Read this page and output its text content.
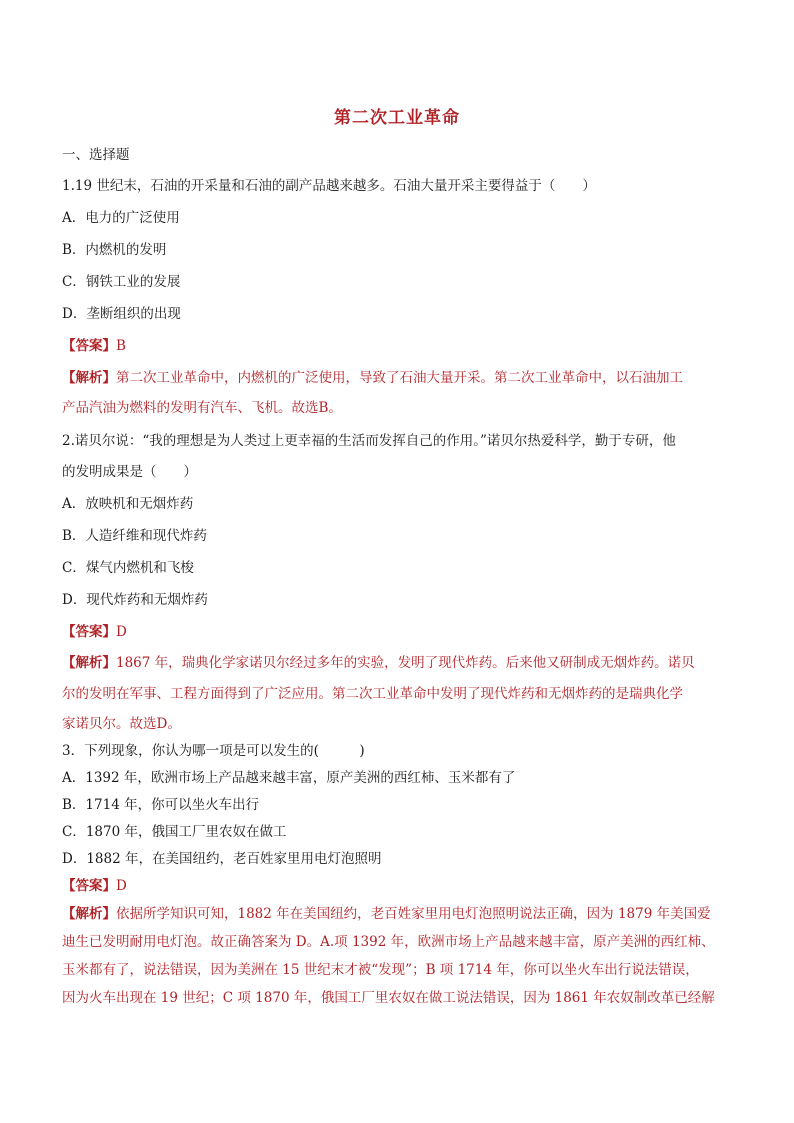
第二次工业革命
一、选择题
1.19 世纪末，石油的开采量和石油的副产品越来越多。石油大量开采主要得益于（　　）
A．电力的广泛使用
B．内燃机的发明
C．钢铁工业的发展
D．垄断组织的出现
【答案】B
【解析】第二次工业革命中，内燃机的广泛使用，导致了石油大量开采。第二次工业革命中，以石油加工
产品汽油为燃料的发明有汽车、飞机。故选B。
2.诺贝尔说：“我的理想是为人类过上更幸福的生活而发挥自己的作用。”诺贝尔热爱科学，勤于专研，他
的发明成果是（　　）
A．放映机和无烟炸药
B．人造纤维和现代炸药
C．煤气内燃机和飞梭
D．现代炸药和无烟炸药
【答案】D
【解析】1867 年，瑞典化学家诺贝尔经过多年的实验，发明了现代炸药。后来他又研制成无烟炸药。诺贝
尔的发明在军事、工程方面得到了广泛应用。第二次工业革命中发明了现代炸药和无烟炸药的是瑞典化学
家诺贝尔。故选D。
3．下列现象，你认为哪一项是可以发生的(　　　)
A．1392 年，欧洲市场上产品越来越丰富，原产美洲的西红柿、玉米都有了
B．1714 年，你可以坐火车出行
C．1870 年，俄国工厂里农奴在做工
D．1882 年，在美国纽约，老百姓家里用电灯泡照明
【答案】D
【解析】依据所学知识可知，1882 年在美国纽约，老百姓家里用电灯泡照明说法正确，因为 1879 年美国爱
迪生已发明耐用电灯泡。故正确答案为 D。A.项 1392 年，欧洲市场上产品越来越丰富，原产美洲的西红柿、
玉米都有了，说法错误，因为美洲在 15 世纪末才被“发现”；B 项 1714 年，你可以坐火车出行说法错误，
因为火车出现在 19 世纪；C 项 1870 年，俄国工厂里农奴在做工说法错误，因为 1861 年农奴制改革已经解
